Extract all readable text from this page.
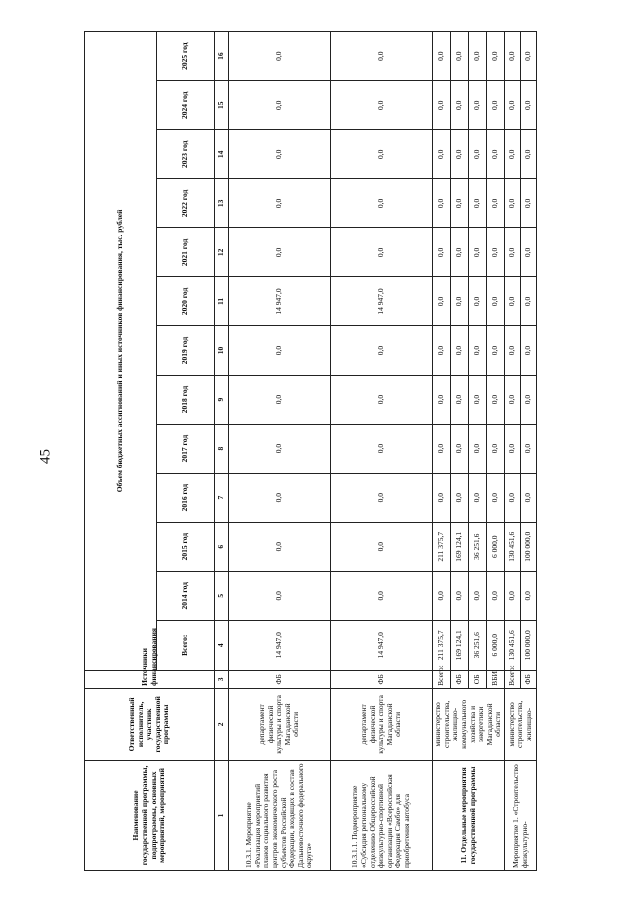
45
Наименование государственной программы, подпрограммы, основных мероприятий, мероприятий	Ответственный исполнитель, участник государственной программы	Источники финансирования	Объем бюджетных ассигнований и иных источников финансирования, тыс. рублей												
			Всего:	2014 год	2015 год	2016 год	2017 год	2018 год	2019 год	2020 год	2021 год	2022 год	2023 год	2024 год	2025 год
1	2	3	4	5	6	7	8	9	10	11	12	13	14	15	16
10.3.1. Мероприятие «Реализация мероприятий планов социального развития центров экономического роста субъектов Российской Федерации, входящих в состав Дальневосточного федерального округа»	департамент физической культуры и спорта Магаданской области	ФБ	14 947,0	0,0	0,0	0,0	0,0	0,0	0,0	14 947,0	0,0	0,0	0,0	0,0	0,0
10.3.1.1. Подмероприятие «Субсидия региональному отделению Общероссийской физкультурно-спортивной организации «Всероссийская Федерация Самбо» для приобретения автобуса	департамент физической культуры и спорта Магаданской области	ФБ	14 947,0	0,0	0,0	0,0	0,0	0,0	0,0	14 947,0	0,0	0,0	0,0	0,0	0,0
11. Отдельные мероприятия государственной программы	министерство строительства, жилищно-коммунального хозяйства и энергетики Магаданской области	Всего:	211 375,7	0,0	211 375,7	0,0	0,0	0,0	0,0	0,0	0,0	0,0	0,0	0,0	0,0
		ФБ	169 124,1	0,0	169 124,1	0,0	0,0	0,0	0,0	0,0	0,0	0,0	0,0	0,0	0,0
		ОБ	36 251,6	0,0	36 251,6	0,0	0,0	0,0	0,0	0,0	0,0	0,0	0,0	0,0	0,0
		ВБИ	6 000,0	0,0	6 000,0	0,0	0,0	0,0	0,0	0,0	0,0	0,0	0,0	0,0	0,0
Мероприятие 1. «Строительство физкультурно-	министерство строительства, жилищно-	Всего:	130 451,6	0,0	130 451,6	0,0	0,0	0,0	0,0	0,0	0,0	0,0	0,0	0,0	0,0
		ФБ	100 000,0	0,0	100 000,0	0,0	0,0	0,0	0,0	0,0	0,0	0,0	0,0	0,0	0,0
